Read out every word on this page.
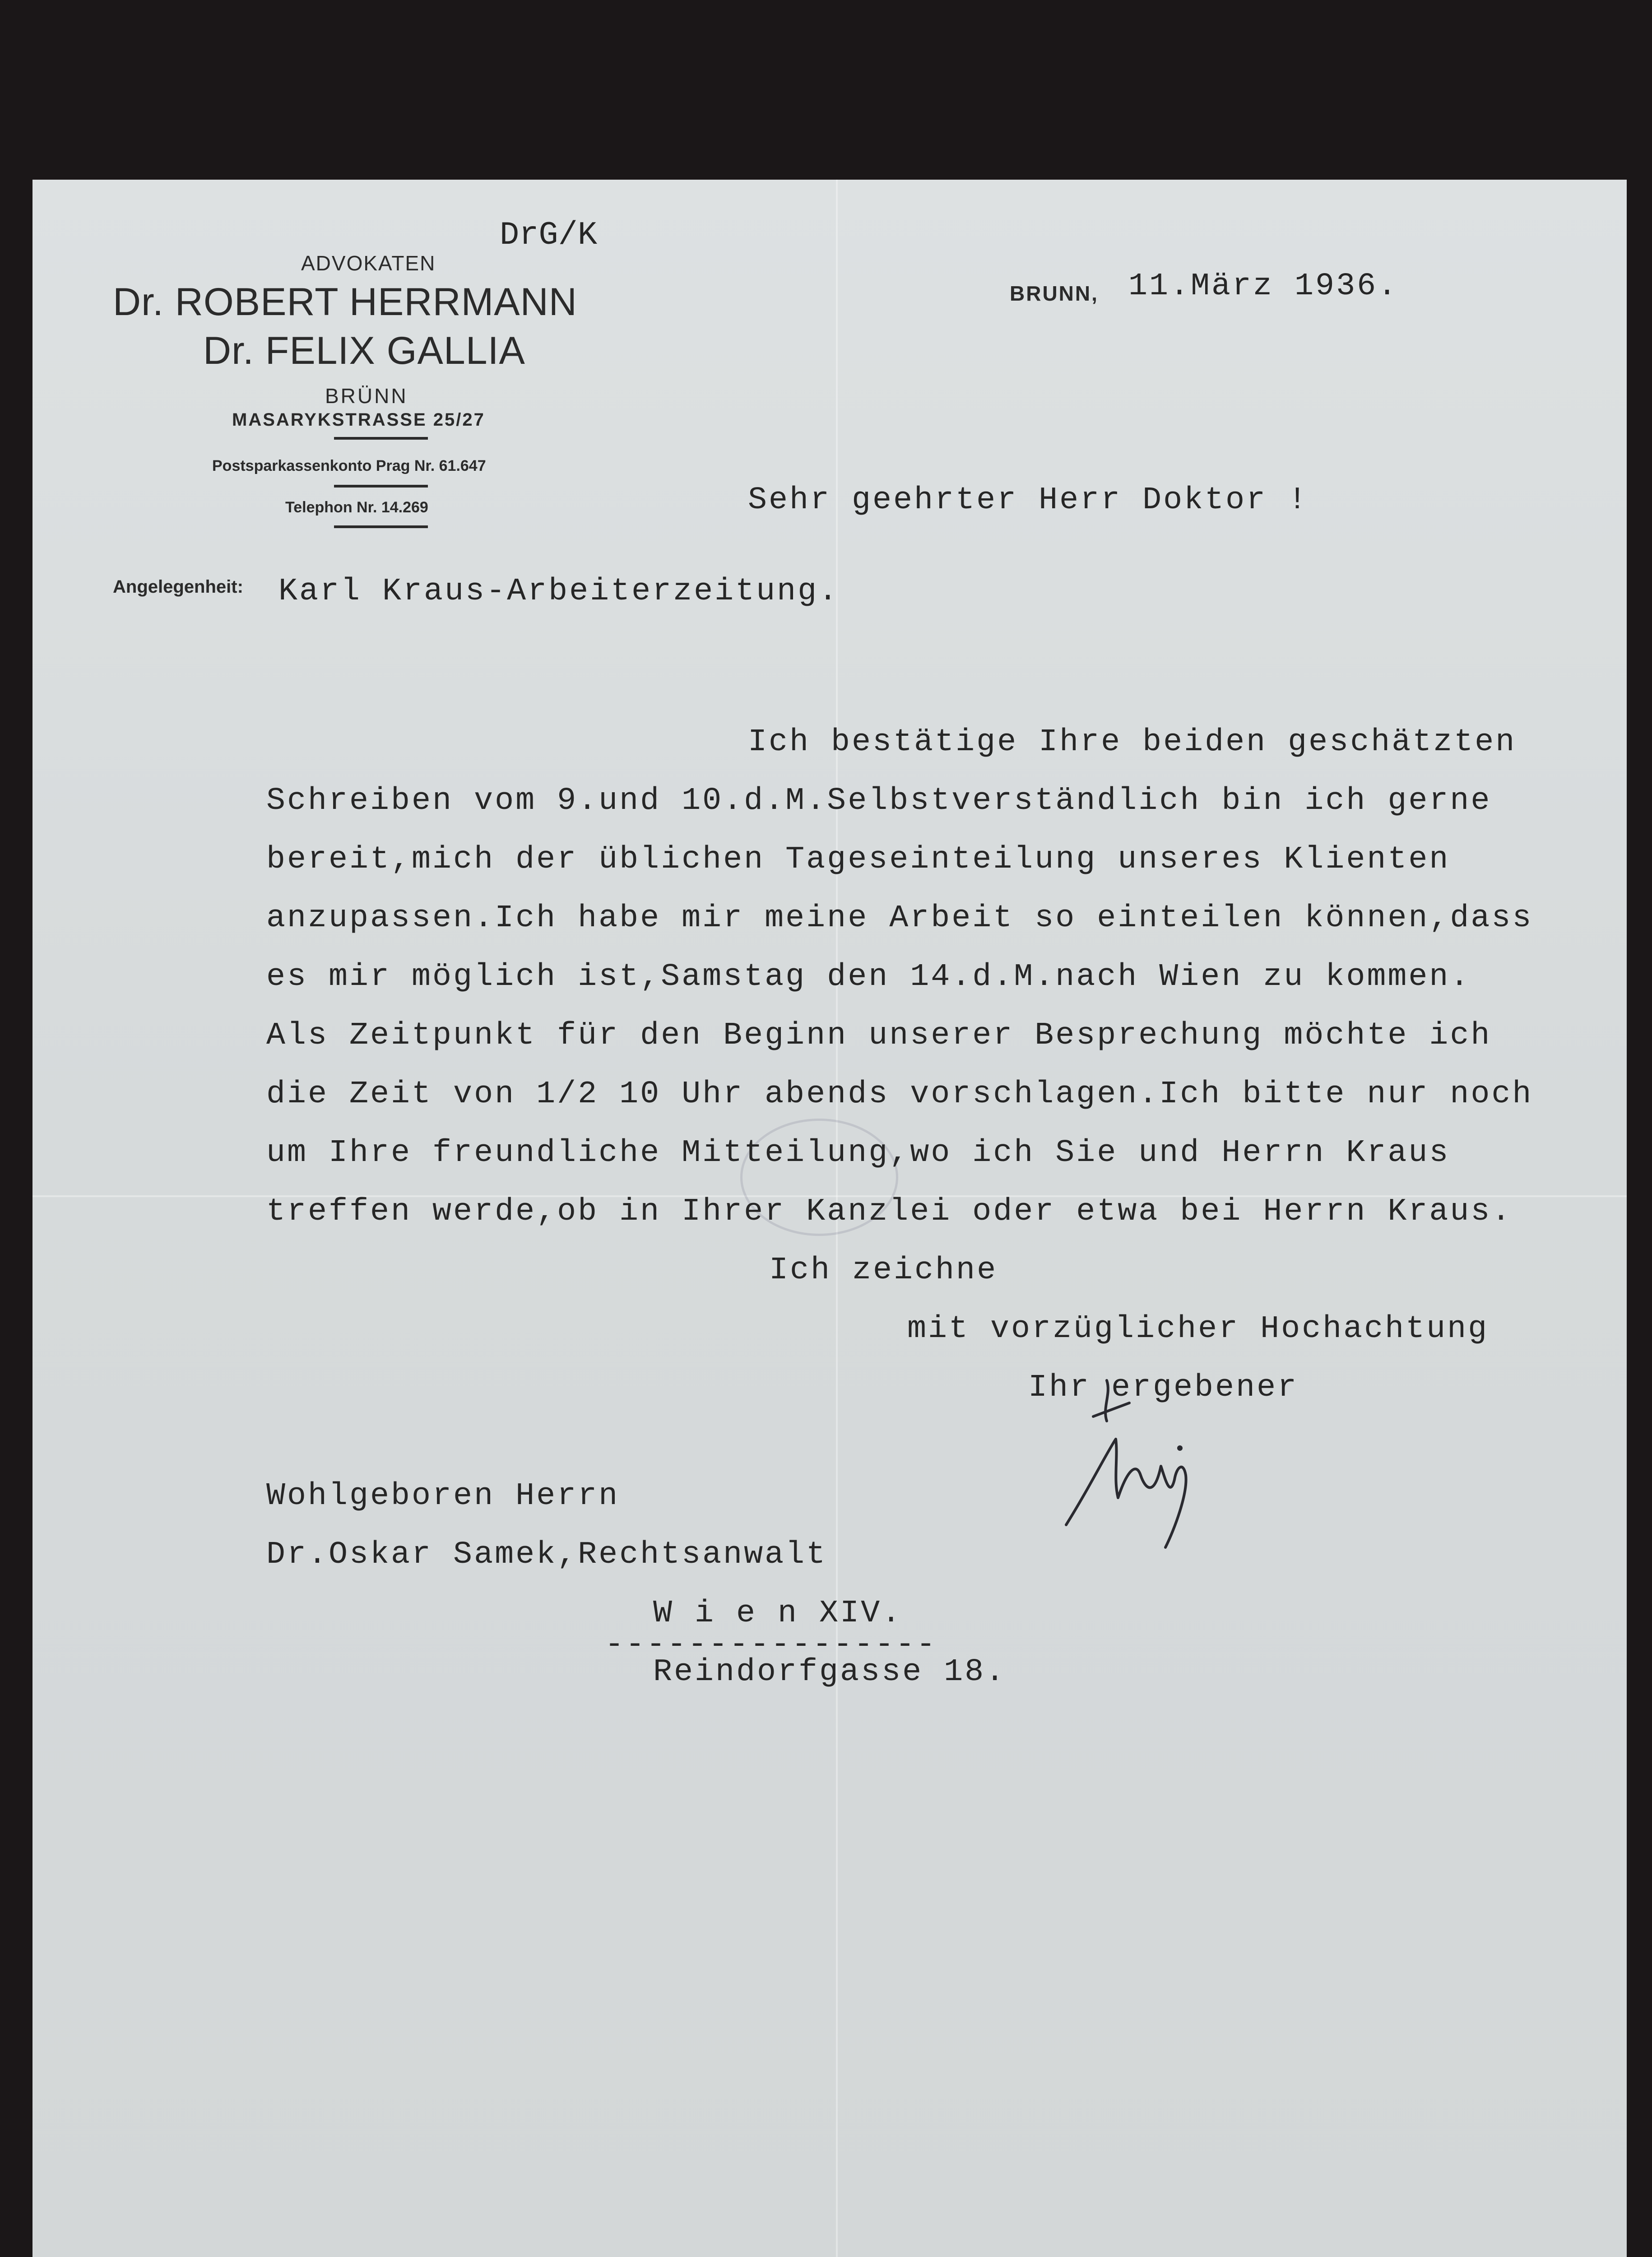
DrG/K
ADVOKATEN
Dr. ROBERT HERRMANN
Dr. FELIX GALLIA
BRÜNN
MASARYKSTRASSE 25/27
Postsparkassenkonto Prag Nr. 61.647
Telephon Nr. 14.269
BRUNN, 11.März 1936.
Sehr geehrter Herr Doktor !
Angelegenheit: Karl Kraus-Arbeiterzeitung.
Ich bestätige Ihre beiden geschätzten
Schreiben vom 9.und 10.d.M.Selbstverständlich bin ich gerne
bereit,mich der üblichen Tageseinteilung unseres Klienten
anzupassen.Ich habe mir meine Arbeit so einteilen können,dass
es mir möglich ist,Samstag den 14.d.M.nach Wien zu kommen.
Als Zeitpunkt für den Beginn unserer Besprechung möchte ich
die Zeit von 1/2 10 Uhr abends vorschlagen.Ich bitte nur noch
um Ihre freundliche Mitteilung,wo ich Sie und Herrn Kraus
treffen werde,ob in Ihrer Kanzlei oder etwa bei Herrn Kraus.
Ich zeichne
mit vorzüglicher Hochachtung
Ihr ergebener
Wohlgeboren Herrn
Dr.Oskar Samek,Rechtsanwalt
W i e n XIV.
----------------
Reindorfgasse 18.
